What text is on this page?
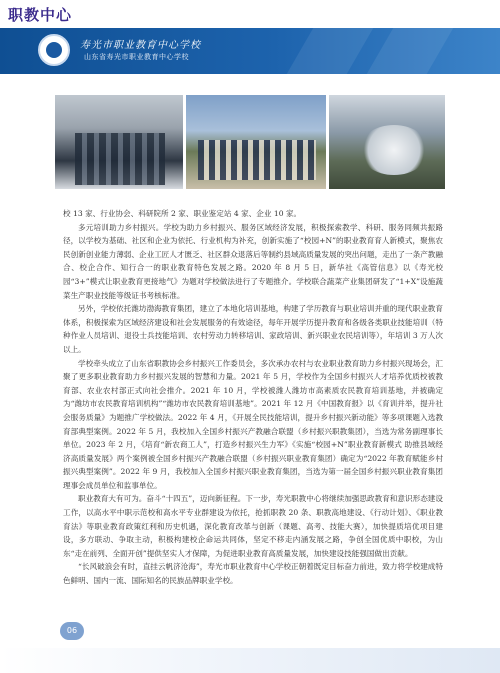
职教中心
寿光市职业教育中心学校
山东省寿光市职业教育中心学校

校 13 家、行业协会、科研院所 2 家、职业鉴定站 4 家、企业 10 家。

多元培训助力乡村振兴。学校为助力乡村振兴、服务区域经济发展，积极探索教学、科研、服务同频共振路径，以学校为基础、社区和企业为依托、行业机构为补充，创新实施了“校园+N”的职业教育育人新模式，聚焦农民创新创业能力薄弱、企业工匠人才匮乏、社区群众退落后等制约县域高质量发展的突出问题，走出了一条产教融合、校企合作、知行合一的职业教育特色发展之路。2020 年 8 月 5 日，新华社《高管信息》以《寿光校园“3+”模式让职业教育更接地气》为题对学校做法进行了专题推介。学校联合蔬菜产业集团研发了“1+X”设施蔬菜生产职业技能等级证书考核标准。

另外，学校依托潍坊渤海教育集团，建立了本地化培训基地，构建了学历教育与职业培训并重的现代职业教育体系，积极探索为区域经济建设和社会发展服务的有效途径，每年开展学历提升教育和各级各类职业技能培训（特种作业人员培训、退役士兵技能培训、农村劳动力转移培训、家政培训、新兴职业农民培训等），年培训 3 万人次以上。

学校牵头成立了山东省职教协会乡村振兴工作委员会，多次承办农村与农业职业教育助力乡村振兴现场会，汇聚了更多职业教育助力乡村振兴发展的智慧和力量。2021 年 5 月，学校作为全国乡村振兴人才培养优质校被教育部、农业农村部正式向社会推介。2021 年 10 月，学校被潍人潍坊市高素质农民教育培训基地，并被确定为“潍坊市农民教育培训机构”“潍坊市农民教育培训基地”。2021 年 12 月《中国教育报》以《育训并举，提升社会服务质量》为题推广学校做法。2022 年 4 月，《开展全民技能培训，提升乡村振兴新动能》等多项课题入选教育部典型案例。2022 年 5 月，我校加入全国乡村振兴产教融合联盟（乡村振兴职教集团），当选为常务副理事长单位。2023 年 2 月，《培育“新农商工人”，打造乡村振兴生力军》《实施“校园+N”职业教育新模式 助推县域经济高质量发展》两个案例被全国乡村振兴产教融合联盟（乡村振兴职业教育集团）确定为“2022 年教育赋能乡村振兴典型案例”。2022 年 9 月，我校加入全国乡村振兴职业教育集团，当选为第一届全国乡村振兴职业教育集团理事会成员单位和监事单位。

职业教育大有可为。奋斗“十四五”，迈向新征程。下一步，寿光职教中心将继续加强思政教育和意识形态建设工作，以高水平中职示范校和高水平专业群建设为依托，抢抓职教 20 条、职教高地建设、《行动计划》、《职业教育法》等职业教育政策红利和历史机遇，深化教育改革与创新（课题、高考、技能大赛），加快提质培优项目建设，多方联动、争取主动，积极构建校企命运共同体，坚定不移走内涵发展之路，争创全国优质中职校，为山东“走在前列、全面开创”提供坚实人才保障，为促进职业教育高质量发展，加快建设技能强国做出贡献。

“长风破浪会有时，直挂云帆济沧海”，寿光市职业教育中心学校正朝着既定目标奋力前进，致力将学校建成特色鲜明、国内一流、国际知名的民族品牌职业学校。

06
